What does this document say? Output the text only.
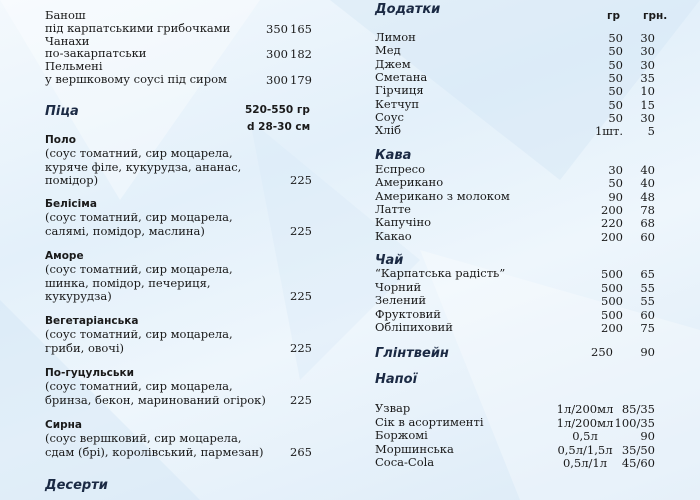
Банош
під карпатськими грибочками	350 165
Чанахи
по-закарпатськи	300 182
Пельмені
у вершковому соусі під сиром	300 179
Піца	520-550 гр
d 28-30 см
Поло
(соус томатний, сир моцарела,
куряче філе, кукурудза, ананас,
помідор)	225
Белісіма
(соус томатний, сир моцарела,
салямі, помідор, маслина)	225
Аморе
(соус томатний, сир моцарела,
шинка, помідор, печериця,
кукурудза)	225
Вегетаріанська
(соус томатний, сир моцарела,
гриби, овочі)	225
По-гуцульськи
(соус томатний, сир моцарела,
бринза, бекон, маринований огірок)	225
Сирна
(соус вершковий, сир моцарела,
сдам (брі), королівський, пармезан)	265
Десерти
Додатки	гр грн.
Лимон	50	30
Мед	50	30
Джем	50	30
Сметана	50	35
Гірчиця	50	10
Кетчуп	50	15
Соус	50	30
Хліб	1шт.	5
Кава
Еспресо	30	40
Американо	50	40
Американо з молоком	90	48
Латте	200	78
Капучіно	220	68
Какао	200	60
Чай
“Карпатська радість”	500	65
Чорний	500	55
Зелений	500	55
Фруктовий	500	60
Обліпиховий	200	75
Глінтвейн	250	90
Напої
Узвар	1л/200мл 85/35
Сік в асортименті	1л/200мл 100/35
Боржомі	0,5л	90
Моршинська	0,5л/1,5л 35/50
Coca-Cola	0,5л/1л	45/60
